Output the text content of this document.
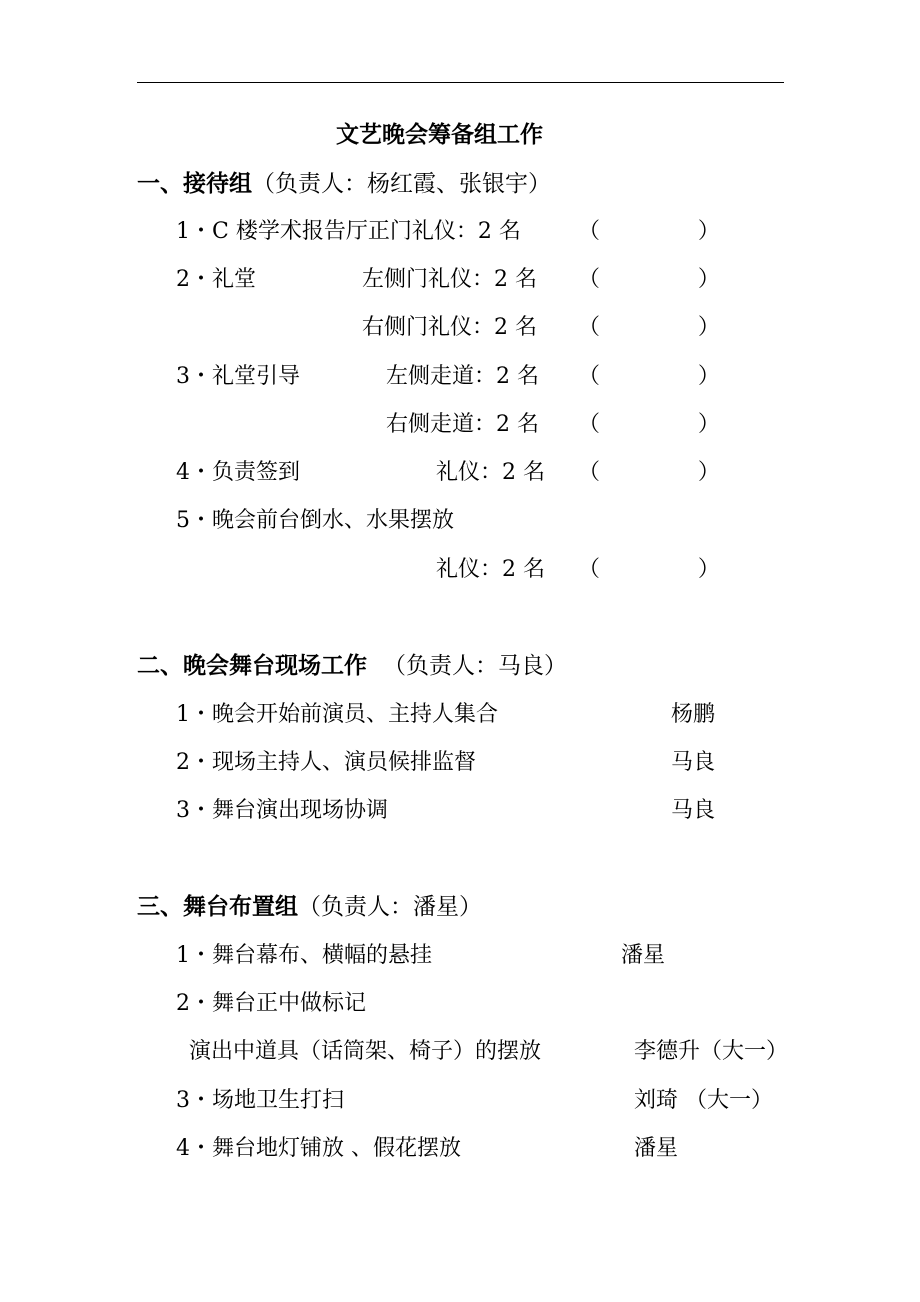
文艺晚会筹备组工作
一、接待组（负责人：杨红霞、张银宇）
1・C 楼学术报告厅正门礼仪：2 名	（              ）
2・礼堂	左侧门礼仪：2 名 （              ）
右侧门礼仪：2 名 （              ）
3・礼堂引导	左侧走道：2 名 （              ）
右侧走道：2 名 （              ）
4・负责签到	礼仪：2 名 （              ）
5・晚会前台倒水、水果摆放
礼仪：2 名 （              ）
二、晚会舞台现场工作 （负责人：马良）
1・晚会开始前演员、主持人集合	杨鹏
2・现场主持人、演员候排监督	马良
3・舞台演出现场协调	马良
三、舞台布置组（负责人：潘星）
1・舞台幕布、横幅的悬挂	潘星
2・舞台正中做标记
演出中道具（话筒架、椅子）的摆放	李德升（大一）
3・场地卫生打扫	刘琦 （大一）
4・舞台地灯铺放 、假花摆放	潘星
